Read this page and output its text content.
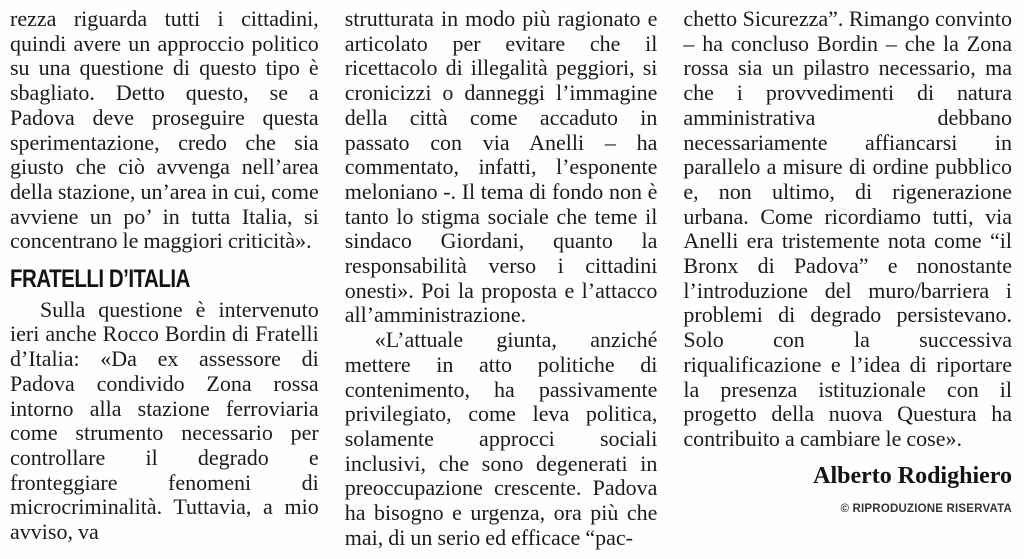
rezza riguarda tutti i cittadini, quindi avere un approccio politico su una questione di questo tipo è sbagliato. Detto questo, se a Padova deve proseguire questa sperimentazione, credo che sia giusto che ciò avvenga nell’area della stazione, un’area in cui, come avviene un po’ in tutta Italia, si concentrano le maggiori criticità».

FRATELLI D’ITALIA

Sulla questione è intervenuto ieri anche Rocco Bordin di Fratelli d’Italia: «Da ex assessore di Padova condivido Zona rossa intorno alla stazione ferroviaria come strumento necessario per controllare il degrado e fronteggiare fenomeni di microcriminalità. Tuttavia, a mio avviso, va

strutturata in modo più ragionato e articolato per evitare che il ricettacolo di illegalità peggiori, si cronicizzi o danneggi l’immagine della città come accaduto in passato con via Anelli – ha commentato, infatti, l’esponente meloniano -. Il tema di fondo non è tanto lo stigma sociale che teme il sindaco Giordani, quanto la responsabilità verso i cittadini onesti». Poi la proposta e l’attacco all’amministrazione.

«L’attuale giunta, anziché mettere in atto politiche di contenimento, ha passivamente privilegiato, come leva politica, solamente approcci sociali inclusivi, che sono degenerati in preoccupazione crescente. Padova ha bisogno e urgenza, ora più che mai, di un serio ed efficace “pac-

chetto Sicurezza”. Rimango convinto – ha concluso Bordin – che la Zona rossa sia un pilastro necessario, ma che i provvedimenti di natura amministrativa debbano necessariamente affiancarsi in parallelo a misure di ordine pubblico e, non ultimo, di rigenerazione urbana. Come ricordiamo tutti, via Anelli era tristemente nota come “il Bronx di Padova” e nonostante l’introduzione del muro/barriera i problemi di degrado persistevano. Solo con la successiva riqualificazione e l’idea di riportare la presenza istituzionale con il progetto della nuova Questura ha contribuito a cambiare le cose».

Alberto Rodighiero
© RIPRODUZIONE RISERVATA
